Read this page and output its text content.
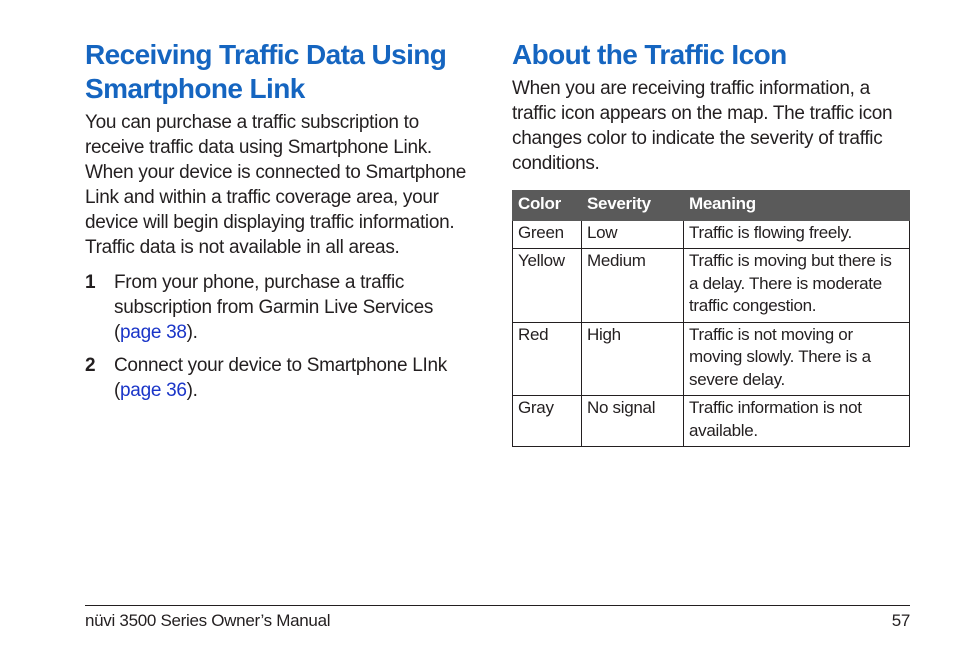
Receiving Traffic Data Using Smartphone Link

You can purchase a traffic subscription to receive traffic data using Smartphone Link. When your device is connected to Smartphone Link and within a traffic coverage area, your device will begin displaying traffic information. Traffic data is not available in all areas.

1 From your phone, purchase a traffic subscription from Garmin Live Services (page 38).
2 Connect your device to Smartphone LInk (page 36).
About the Traffic Icon

When you are receiving traffic information, a traffic icon appears on the map. The traffic icon changes color to indicate the severity of traffic conditions.

Color	Severity	Meaning
Green	Low	Traffic is flowing freely.
Yellow	Medium	Traffic is moving but there is a delay. There is moderate traffic congestion.
Red	High	Traffic is not moving or moving slowly. There is a severe delay.
Gray	No signal	Traffic information is not available.
nüvi 3500 Series Owner’s Manual	57
